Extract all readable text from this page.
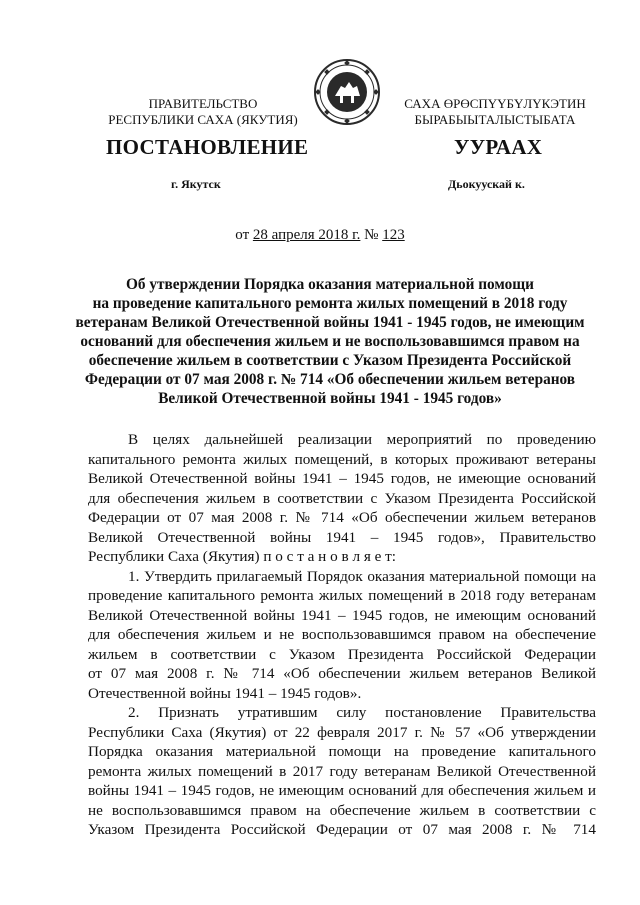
ПРАВИТЕЛЬСТВО
РЕСПУБЛИКИ САХА (ЯКУТИЯ)
САХА ӨРӨСПҮҮБҮЛҮКЭТИН
БЫРАБЫЫТАЛЫСТЫБАТА
ПОСТАНОВЛЕНИЕ	УУРААХ
г. Якутск	Дьокуускай к.
от 28 апреля 2018 г. № 123
Об утверждении Порядка оказания материальной помощи
на проведение капитального ремонта жилых помещений в 2018 году
ветеранам Великой Отечественной войны 1941 - 1945 годов, не имеющим
оснований для обеспечения жильем и не воспользовавшимся правом на
обеспечение жильем в соответствии с Указом Президента Российской
Федерации от 07 мая 2008 г. № 714 «Об обеспечении жильем ветеранов
Великой Отечественной войны 1941 - 1945 годов»
В целях дальнейшей реализации мероприятий по проведению
капитального ремонта жилых помещений, в которых проживают ветераны
Великой Отечественной войны 1941 – 1945 годов, не имеющие оснований
для обеспечения жильем в соответствии с Указом Президента Российской
Федерации от 07 мая 2008 г. № 714 «Об обеспечении жильем ветеранов
Великой Отечественной войны 1941 – 1945 годов», Правительство
Республики Саха (Якутия) п о с т а н о в л я е т:
1. Утвердить прилагаемый Порядок оказания материальной помощи на
проведение капитального ремонта жилых помещений в 2018 году ветеранам
Великой Отечественной войны 1941 – 1945 годов, не имеющим оснований
для обеспечения жильем и не воспользовавшимся правом на обеспечение
жильем в соответствии с Указом Президента Российской Федерации
от 07 мая 2008 г. № 714 «Об обеспечении жильем ветеранов Великой
Отечественной войны 1941 – 1945 годов».
2. Признать утратившим силу постановление Правительства
Республики Саха (Якутия) от 22 февраля 2017 г. № 57 «Об утверждении
Порядка оказания материальной помощи на проведение капитального
ремонта жилых помещений в 2017 году ветеранам Великой Отечественной
войны 1941 – 1945 годов, не имеющим оснований для обеспечения жильем и
не воспользовавшимся правом на обеспечение жильем в соответствии с
Указом Президента Российской Федерации от 07 мая 2008 г. № 714
